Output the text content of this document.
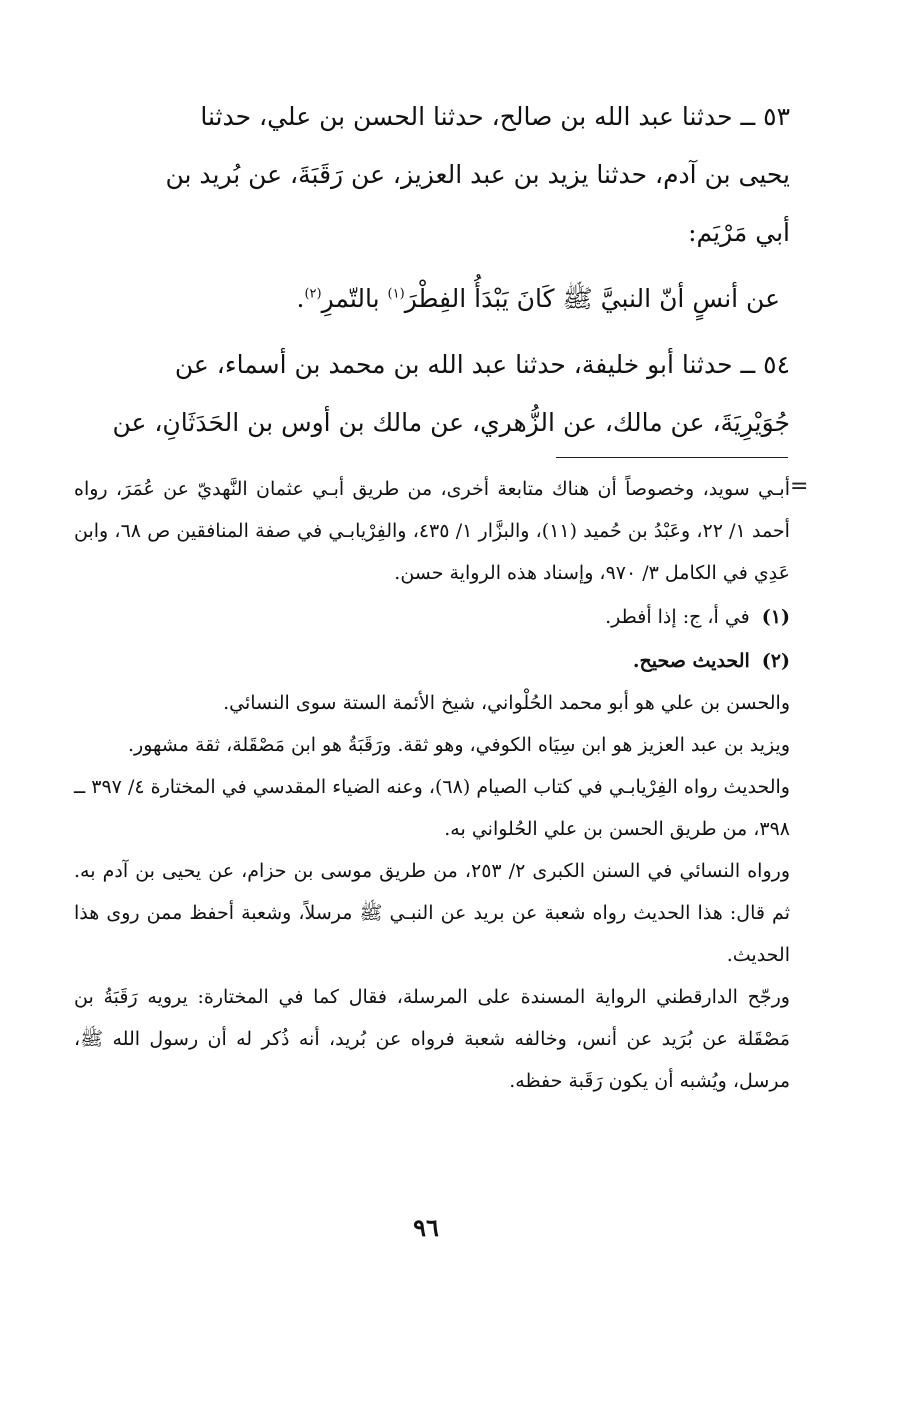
٥٣ ــ حدثنا عبد الله بن صالح، حدثنا الحسن بن علي، حدثنا

يحيى بن آدم، حدثنا يزيد بن عبد العزيز، عن رَقَبَةَ، عن بُريد بن

أبي مَرْيَم:

عن أنسٍ أنّ النبيَّ ﷺ كَانَ يَبْدَأُ الفِطْرَ$^{(١)}$ بالتّمرِ$^{(٢)}$.

٥٤ ــ حدثنا أبو خليفة، حدثنا عبد الله بن محمد بن أسماء، عن

جُوَيْرِيَةَ، عن مالك، عن الزُّهري، عن مالك بن أوس بن الحَدَثَانِ، عن

=

أبـي سويد، وخصوصاً أن هناك متابعة أخرى، من طريق أبـي عثمان النَّهديّ عن عُمَرَ، رواه أحمد ١/ ٢٢، وعَبْدُ بن حُميد (١١)، والبزَّار ١/ ٤٣٥، والفِرْيابـي في صفة المنافقين ص ٦٨، وابن عَدِي في الكامل ٣/ ٩٧٠، وإسناد هذه الرواية حسن.

(١)في أ، ج: إذا أفطر.

(٢)الحديث صحيح.

والحسن بن علي هو أبو محمد الحُلْواني، شيخ الأئمة الستة سوى النسائي.

ويزيد بن عبد العزيز هو ابن سِيَاه الكوفي، وهو ثقة. ورَقَبَةُ هو ابن مَصْقَلة، ثقة مشهور.

والحديث رواه الفِرْيابـي في كتاب الصيام (٦٨)، وعنه الضياء المقدسي في المختارة ٤/ ٣٩٧ ــ ٣٩٨، من طريق الحسن بن علي الحُلواني به.

ورواه النسائي في السنن الكبرى ٢/ ٢٥٣، من طريق موسى بن حزام، عن يحيى بن آدم به. ثم قال: هذا الحديث رواه شعبة عن بريد عن النبـي ﷺ مرسلاً، وشعبة أحفظ ممن روى هذا الحديث.

ورجّح الدارقطني الرواية المسندة على المرسلة، فقال كما في المختارة: يرويه رَقَبَةُ بن مَصْقَلة عن بُرَيد عن أنس، وخالفه شعبة فرواه عن بُريد، أنه ذُكر له أن رسول الله ﷺ، مرسل، ويُشبه أن يكون رَقَبة حفظه.

٩٦
